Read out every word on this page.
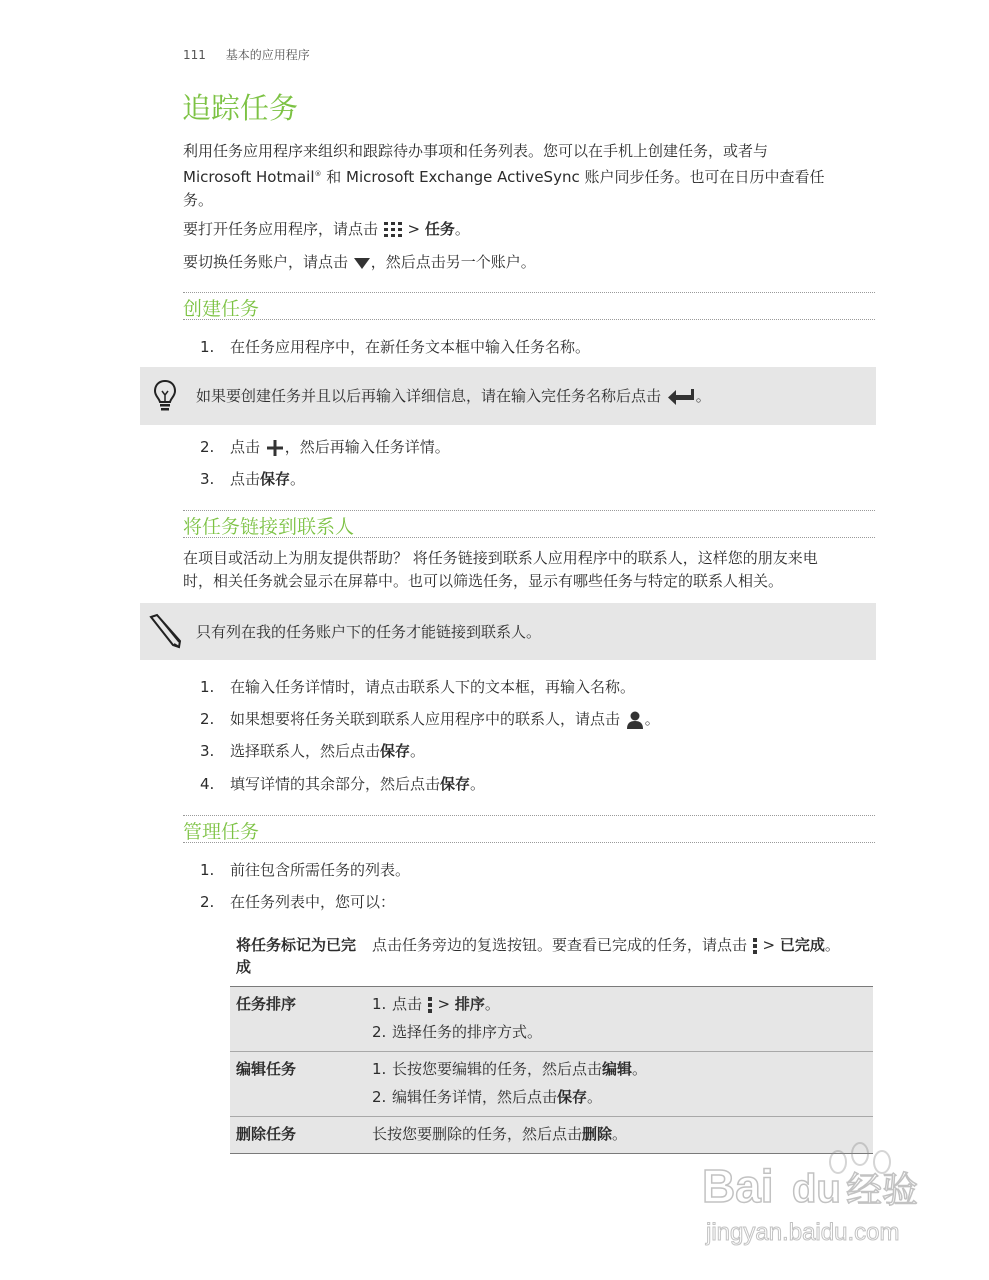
111 基本的应用程序
追踪任务

利用任务应用程序来组织和跟踪待办事项和任务列表。您可以在手机上创建任务，或者与
Microsoft Hotmail® 和 Microsoft Exchange ActiveSync 账户同步任务。也可在日历中查看任
务。

要打开任务应用程序，请点击  > 任务。

要切换任务账户，请点击 ，然后点击另一个账户。

创建任务
1. 在任务应用程序中，在新任务文本框中输入任务名称。
如果要创建任务并且以后再输入详细信息，请在输入完任务名称后点击 。
2. 点击 ，然后再输入任务详情。
3. 点击保存。
将任务链接到联系人

在项目或活动上为朋友提供帮助？ 将任务链接到联系人应用程序中的联系人，这样您的朋友来电
时，相关任务就会显示在屏幕中。也可以筛选任务，显示有哪些任务与特定的联系人相关。

只有列在我的任务账户下的任务才能链接到联系人。
1. 在输入任务详情时，请点击联系人下的文本框，再输入名称。
2. 如果想要将任务关联到联系人应用程序中的联系人，请点击 。
3. 选择联系人，然后点击保存。
4. 填写详情的其余部分，然后点击保存。
管理任务
1. 前往包含所需任务的列表。
2. 在任务列表中，您可以：
将任务标记为已完成	点击任务旁边的复选按钮。要查看已完成的任务，请点击  > 已完成。
任务排序	1. 点击  > 排序。
2. 选择任务的排序方式。

编辑任务	1. 长按您要编辑的任务，然后点击编辑。
2. 编辑任务详情，然后点击保存。

删除任务	长按您要删除的任务，然后点击删除。
Bai du 经验
jingyan.baidu.com
